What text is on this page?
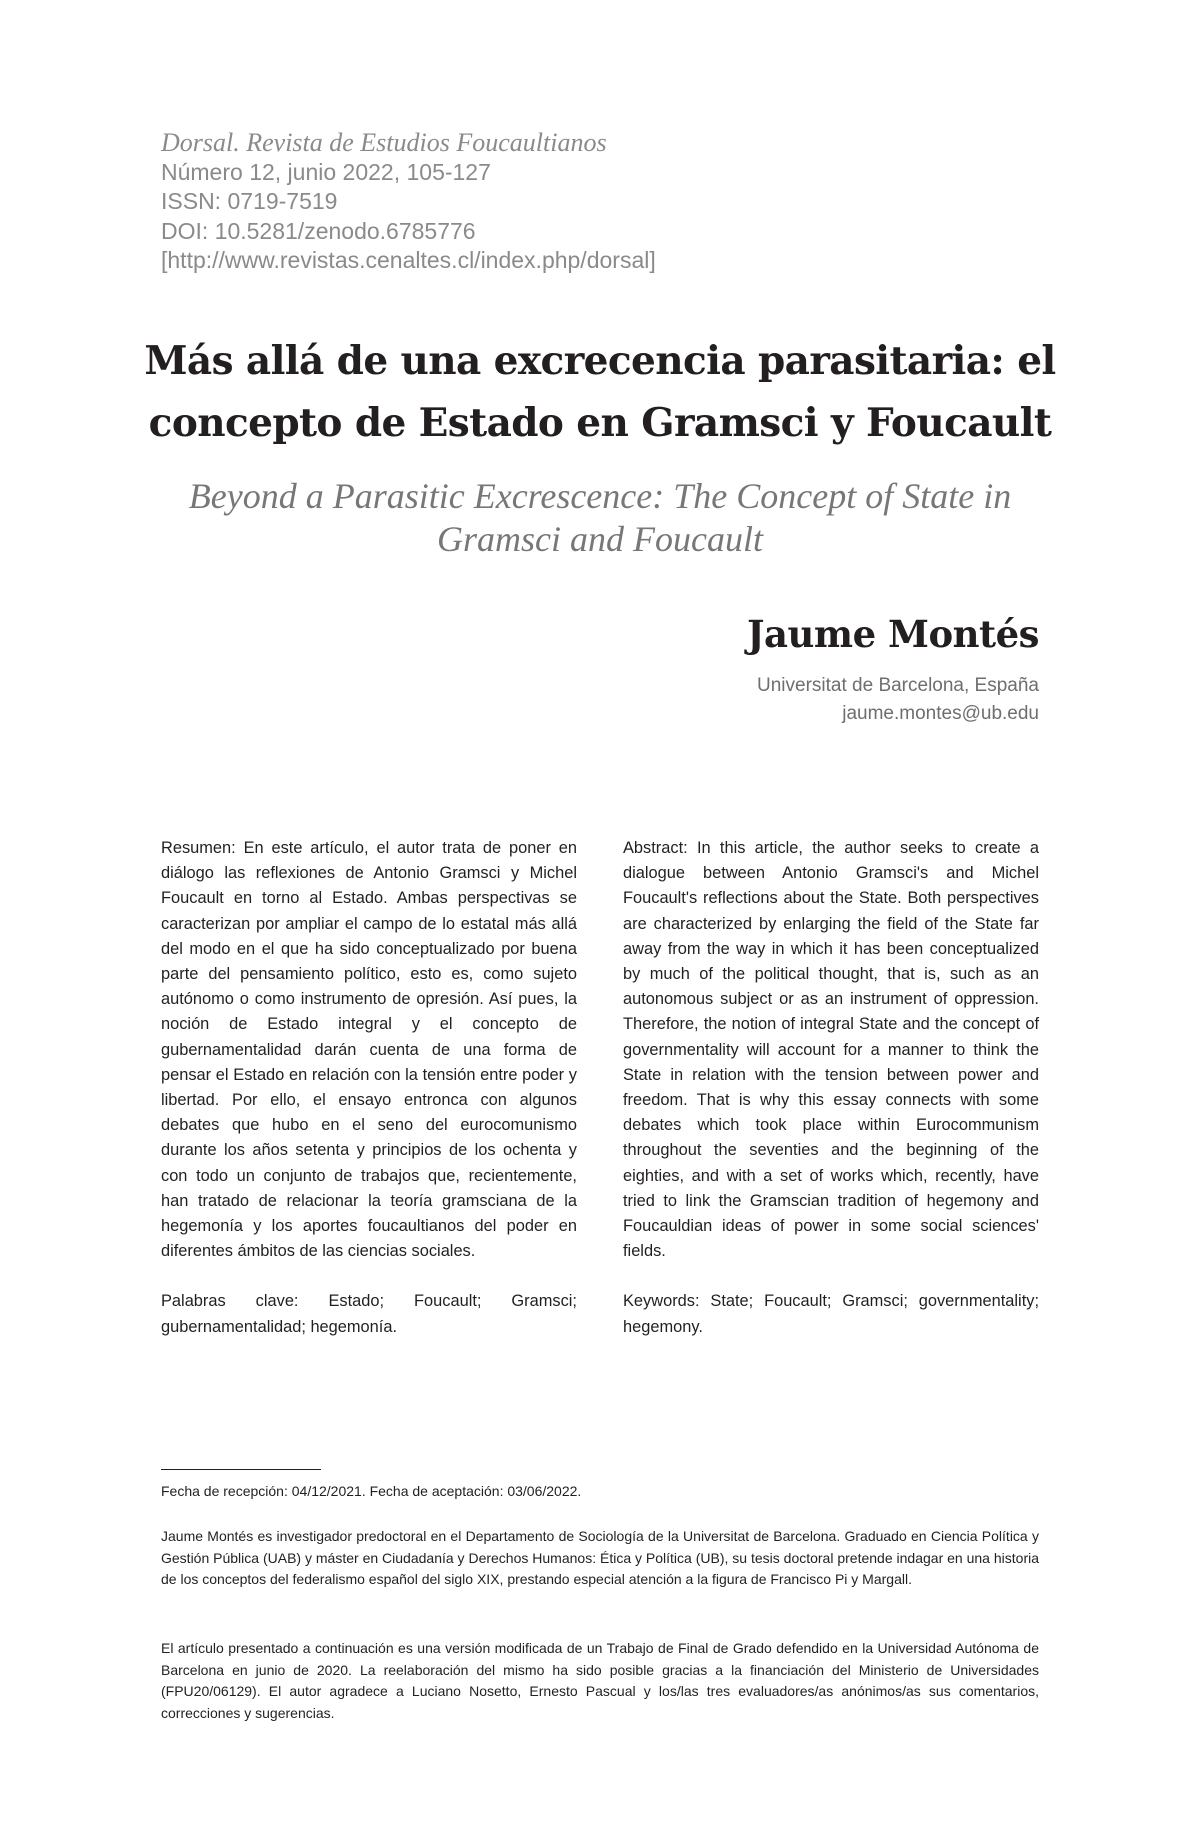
Dorsal. Revista de Estudios Foucaultianos
Número 12, junio 2022, 105-127
ISSN: 0719-7519
DOI: 10.5281/zenodo.6785776
[http://www.revistas.cenaltes.cl/index.php/dorsal]
Más allá de una excrecencia parasitaria: el
concepto de Estado en Gramsci y Foucault
Beyond a Parasitic Excrescence: The Concept of State in
Gramsci and Foucault
Jaume Montés
Universitat de Barcelona, España
jaume.montes@ub.edu
Resumen: En este artículo, el autor trata de poner en diálogo las reflexiones de Antonio Gramsci y Michel Foucault en torno al Estado. Ambas perspectivas se caracterizan por ampliar el campo de lo estatal más allá del modo en el que ha sido conceptualizado por buena parte del pensamiento político, esto es, como sujeto autónomo o como instrumento de opresión. Así pues, la noción de Estado integral y el concepto de gubernamentalidad darán cuenta de una forma de pensar el Estado en relación con la tensión entre poder y libertad. Por ello, el ensayo entronca con algunos debates que hubo en el seno del eurocomunismo durante los años setenta y principios de los ochenta y con todo un conjunto de trabajos que, recientemente, han tratado de relacionar la teoría gramsciana de la hegemonía y los aportes foucaultianos del poder en diferentes ámbitos de las ciencias sociales.
Palabras clave: Estado; Foucault; Gramsci; gubernamentalidad; hegemonía.
Abstract: In this article, the author seeks to create a dialogue between Antonio Gramsci's and Michel Foucault's reflections about the State. Both perspectives are characterized by enlarging the field of the State far away from the way in which it has been conceptualized by much of the political thought, that is, such as an autonomous subject or as an instrument of oppression. Therefore, the notion of integral State and the concept of governmentality will account for a manner to think the State in relation with the tension between power and freedom. That is why this essay connects with some debates which took place within Eurocommunism throughout the seventies and the beginning of the eighties, and with a set of works which, recently, have tried to link the Gramscian tradition of hegemony and Foucauldian ideas of power in some social sciences' fields.
Keywords: State; Foucault; Gramsci; governmentality; hegemony.
Fecha de recepción: 04/12/2021. Fecha de aceptación: 03/06/2022.
Jaume Montés es investigador predoctoral en el Departamento de Sociología de la Universitat de Barcelona. Graduado en Ciencia Política y Gestión Pública (UAB) y máster en Ciudadanía y Derechos Humanos: Ética y Política (UB), su tesis doctoral pretende indagar en una historia de los conceptos del federalismo español del siglo XIX, prestando especial atención a la figura de Francisco Pi y Margall.
El artículo presentado a continuación es una versión modificada de un Trabajo de Final de Grado defendido en la Universidad Autónoma de Barcelona en junio de 2020. La reelaboración del mismo ha sido posible gracias a la financiación del Ministerio de Universidades (FPU20/06129). El autor agradece a Luciano Nosetto, Ernesto Pascual y los/las tres evaluadores/as anónimos/as sus comentarios, correcciones y sugerencias.
